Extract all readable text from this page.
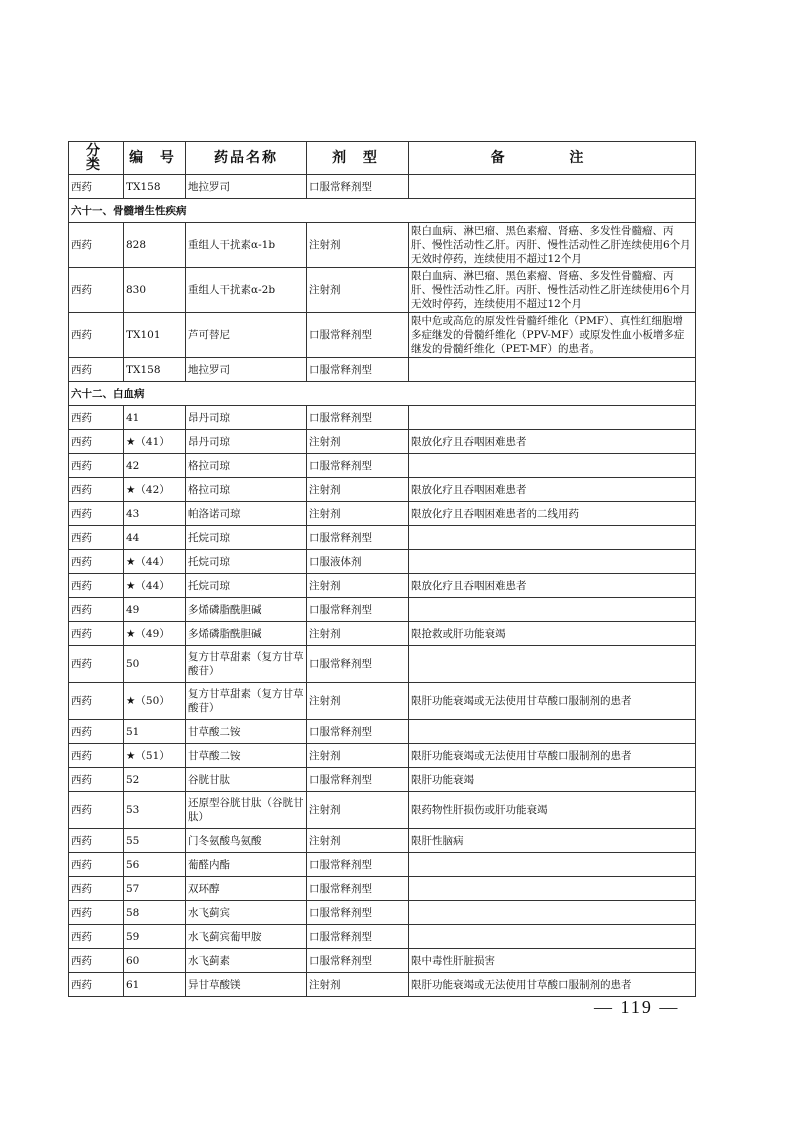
分 类	编 号	药品名称	剂 型	备 注
西药	TX158	地拉罗司	口服常释剂型	
六十一、骨髓增生性疾病				
西药	828	重组人干扰素α-1b	注射剂	限白血病、淋巴瘤、黑色素瘤、肾癌、多发性骨髓瘤、丙肝、慢性活动性乙肝。丙肝、慢性活动性乙肝连续使用6个月无效时停药，连续使用不超过12个月
西药	830	重组人干扰素α-2b	注射剂	限白血病、淋巴瘤、黑色素瘤、肾癌、多发性骨髓瘤、丙肝、慢性活动性乙肝。丙肝、慢性活动性乙肝连续使用6个月无效时停药，连续使用不超过12个月
西药	TX101	芦可替尼	口服常释剂型	限中危或高危的原发性骨髓纤维化（PMF）、真性红细胞增多症继发的骨髓纤维化（PPV-MF）或原发性血小板增多症继发的骨髓纤维化（PET-MF）的患者。
西药	TX158	地拉罗司	口服常释剂型	
六十二、白血病				
西药	41	昂丹司琼	口服常释剂型	
西药	★（41）	昂丹司琼	注射剂	限放化疗且吞咽困难患者
西药	42	格拉司琼	口服常释剂型	
西药	★（42）	格拉司琼	注射剂	限放化疗且吞咽困难患者
西药	43	帕洛诺司琼	注射剂	限放化疗且吞咽困难患者的二线用药
西药	44	托烷司琼	口服常释剂型	
西药	★（44）	托烷司琼	口服液体剂	
西药	★（44）	托烷司琼	注射剂	限放化疗且吞咽困难患者
西药	49	多烯磷脂酰胆碱	口服常释剂型	
西药	★（49）	多烯磷脂酰胆碱	注射剂	限抢救或肝功能衰竭
西药	50	复方甘草甜素（复方甘草酸苷）	口服常释剂型	
西药	★（50）	复方甘草甜素（复方甘草酸苷）	注射剂	限肝功能衰竭或无法使用甘草酸口服制剂的患者
西药	51	甘草酸二铵	口服常释剂型	
西药	★（51）	甘草酸二铵	注射剂	限肝功能衰竭或无法使用甘草酸口服制剂的患者
西药	52	谷胱甘肽	口服常释剂型	限肝功能衰竭
西药	53	还原型谷胱甘肽（谷胱甘肽）	注射剂	限药物性肝损伤或肝功能衰竭
西药	55	门冬氨酸鸟氨酸	注射剂	限肝性脑病
西药	56	葡醛内酯	口服常释剂型	
西药	57	双环醇	口服常释剂型	
西药	58	水飞蓟宾	口服常释剂型	
西药	59	水飞蓟宾葡甲胺	口服常释剂型	
西药	60	水飞蓟素	口服常释剂型	限中毒性肝脏损害
西药	61	异甘草酸镁	注射剂	限肝功能衰竭或无法使用甘草酸口服制剂的患者
— 119 —
